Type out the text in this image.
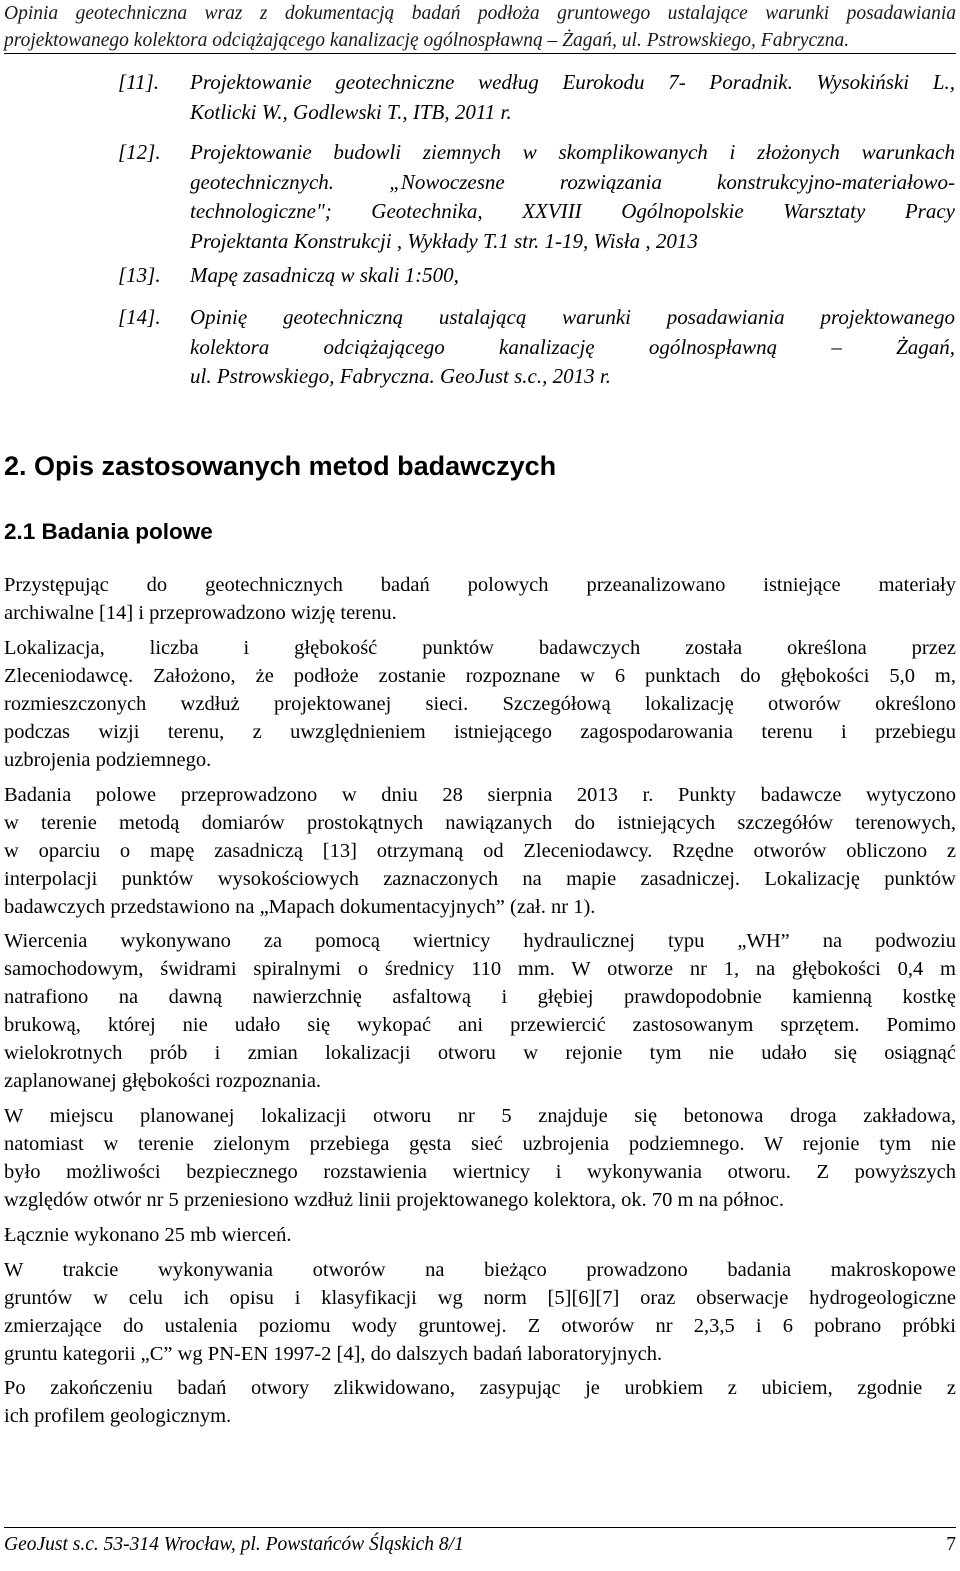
Opinia geotechniczna wraz z dokumentacją badań podłoża gruntowego ustalające warunki posadawiania
projektowanego kolektora odciążającego kanalizację ogólnospławną – Żagań, ul. Pstrowskiego, Fabryczna.
[11]. Projektowanie geotechniczne według Eurokodu 7- Poradnik. Wysokiński L.,
Kotlicki W., Godlewski T., ITB, 2011 r.
[12]. Projektowanie budowli ziemnych w skomplikowanych i złożonych warunkach
geotechnicznych. „Nowoczesne rozwiązania konstrukcyjno-materiałowo-
technologiczne"; Geotechnika, XXVIII Ogólnopolskie Warsztaty Pracy
Projektanta Konstrukcji , Wykłady T.1 str. 1-19, Wisła , 2013
[13]. Mapę zasadniczą w skali 1:500,
[14]. Opinię geotechniczną ustalającą warunki posadawiania projektowanego
kolektora odciążającego kanalizację ogólnospławną – Żagań,
ul. Pstrowskiego, Fabryczna. GeoJust s.c., 2013 r.
2. Opis zastosowanych metod badawczych
2.1 Badania polowe
Przystępując do geotechnicznych badań polowych przeanalizowano istniejące materiały
archiwalne [14] i przeprowadzono wizję terenu.
Lokalizacja, liczba i głębokość punktów badawczych została określona przez
Zleceniodawcę. Założono, że podłoże zostanie rozpoznane w 6 punktach do głębokości 5,0 m,
rozmieszczonych wzdłuż projektowanej sieci. Szczegółową lokalizację otworów określono
podczas wizji terenu, z uwzględnieniem istniejącego zagospodarowania terenu i przebiegu
uzbrojenia podziemnego.
Badania polowe przeprowadzono w dniu 28 sierpnia 2013 r. Punkty badawcze wytyczono
w terenie metodą domiarów prostokątnych nawiązanych do istniejących szczegółów terenowych,
w oparciu o mapę zasadniczą [13] otrzymaną od Zleceniodawcy. Rzędne otworów obliczono z
interpolacji punktów wysokościowych zaznaczonych na mapie zasadniczej. Lokalizację punktów
badawczych przedstawiono na „Mapach dokumentacyjnych” (zał. nr 1).
Wiercenia wykonywano za pomocą wiertnicy hydraulicznej typu „WH” na podwoziu
samochodowym, świdrami spiralnymi o średnicy 110 mm. W otworze nr 1, na głębokości 0,4 m
natrafiono na dawną nawierzchnię asfaltową i głębiej prawdopodobnie kamienną kostkę
brukową, której nie udało się wykopać ani przewiercić zastosowanym sprzętem. Pomimo
wielokrotnych prób i zmian lokalizacji otworu w rejonie tym nie udało się osiągnąć
zaplanowanej głębokości rozpoznania.
W miejscu planowanej lokalizacji otworu nr 5 znajduje się betonowa droga zakładowa,
natomiast w terenie zielonym przebiega gęsta sieć uzbrojenia podziemnego. W rejonie tym nie
było możliwości bezpiecznego rozstawienia wiertnicy i wykonywania otworu. Z powyższych
względów otwór nr 5 przeniesiono wzdłuż linii projektowanego kolektora, ok. 70 m na północ.
Łącznie wykonano 25 mb wierceń.
W trakcie wykonywania otworów na bieżąco prowadzono badania makroskopowe
gruntów w celu ich opisu i klasyfikacji wg norm [5][6][7] oraz obserwacje hydrogeologiczne
zmierzające do ustalenia poziomu wody gruntowej. Z otworów nr 2,3,5 i 6 pobrano próbki
gruntu kategorii „C” wg PN-EN 1997-2 [4], do dalszych badań laboratoryjnych.
Po zakończeniu badań otwory zlikwidowano, zasypując je urobkiem z ubiciem, zgodnie z
ich profilem geologicznym.
GeoJust s.c. 53-314 Wrocław, pl. Powstańców Śląskich 8/1	7
